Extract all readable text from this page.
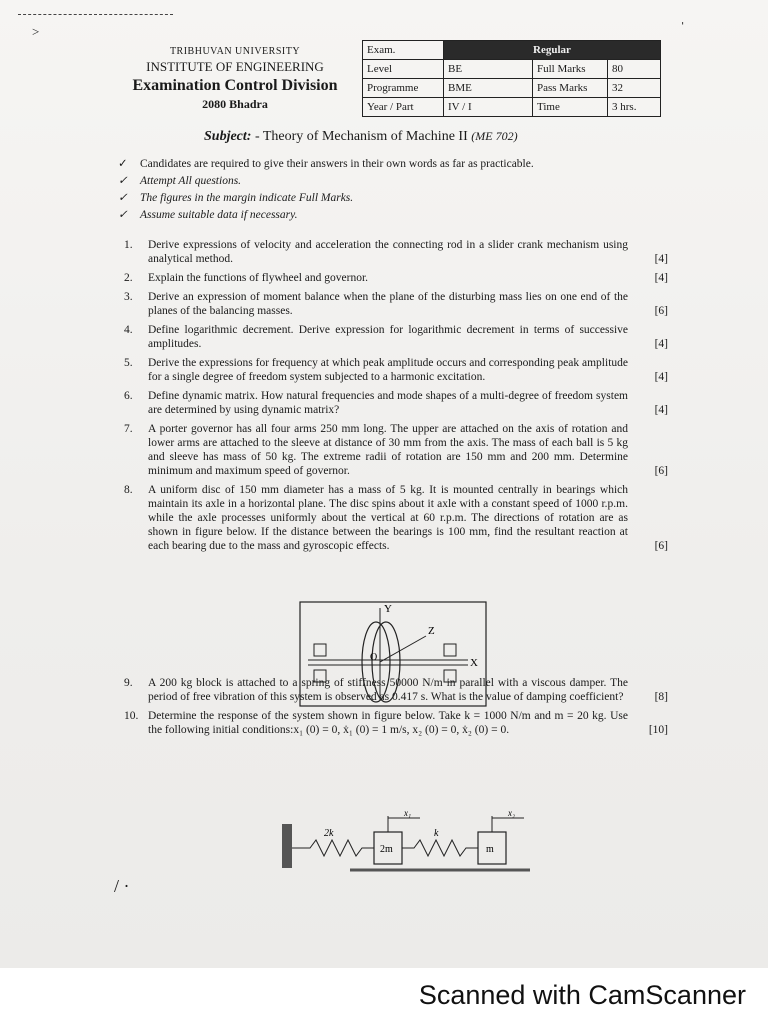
>	ˈ
/ ·
TRIBHUVAN UNIVERSITY
INSTITUTE OF ENGINEERING
Examination Control Division
2080 Bhadra
Exam.	Regular		
Level	BE	Full Marks	80
Programme	BME	Pass Marks	32
Year / Part	IV / I	Time	3 hrs.
Subject: - Theory of Mechanism of Machine II (ME 702)
✓	Candidates are required to give their answers in their own words as far as practicable.
✓	Attempt All questions.
✓	The figures in the margin indicate Full Marks.
✓	Assume suitable data if necessary.
1.	Derive expressions of velocity and acceleration the connecting rod in a slider crank mechanism using analytical method.	[4]
2.	Explain the functions of flywheel and governor.	[4]
3.	Derive an expression of moment balance when the plane of the disturbing mass lies on one end of the planes of the balancing masses.	[6]
4.	Define logarithmic decrement. Derive expression for logarithmic decrement in terms of successive amplitudes.	[4]
5.	Derive the expressions for frequency at which peak amplitude occurs and corresponding peak amplitude for a single degree of freedom system subjected to a harmonic excitation.	[4]
6.	Define dynamic matrix. How natural frequencies and mode shapes of a multi-degree of freedom system are determined by using dynamic matrix?	[4]
7.	A porter governor has all four arms 250 mm long. The upper are attached on the axis of rotation and lower arms are attached to the sleeve at distance of 30 mm from the axis. The mass of each ball is 5 kg and sleeve has mass of 50 kg. The extreme radii of rotation are 150 mm and 200 mm. Determine minimum and maximum speed of governor.	[6]
8.	A uniform disc of 150 mm diameter has a mass of 5 kg. It is mounted centrally in bearings which maintain its axle in a horizontal plane. The disc spins about it axle with a constant speed of 1000 r.p.m. while the axle processes uniformly about the vertical at 60 r.p.m. The directions of rotation are as shown in figure below. If the distance between the bearings is 100 mm, find the resultant reaction at each bearing due to the mass and gyroscopic effects.	[6]
9.	A 200 kg block is attached to a spring of stiffness 50000 N/m in parallel with a viscous damper. The period of free vibration of this system is observed as 0.417 s. What is the value of damping coefficient?	[8]
10. Determine the response of the system shown in figure below. Take k = 1000 N/m and m = 20 kg. Use the following initial conditions:x₁ (0) = 0, ẋ₁ (0) = 1 m/s, x₂ (0) = 0, ẋ₂ (0) = 0.	[10]
Y
Z
X
O
2k	k
2m	m
x₁	x₂
Scanned with CamScanner
